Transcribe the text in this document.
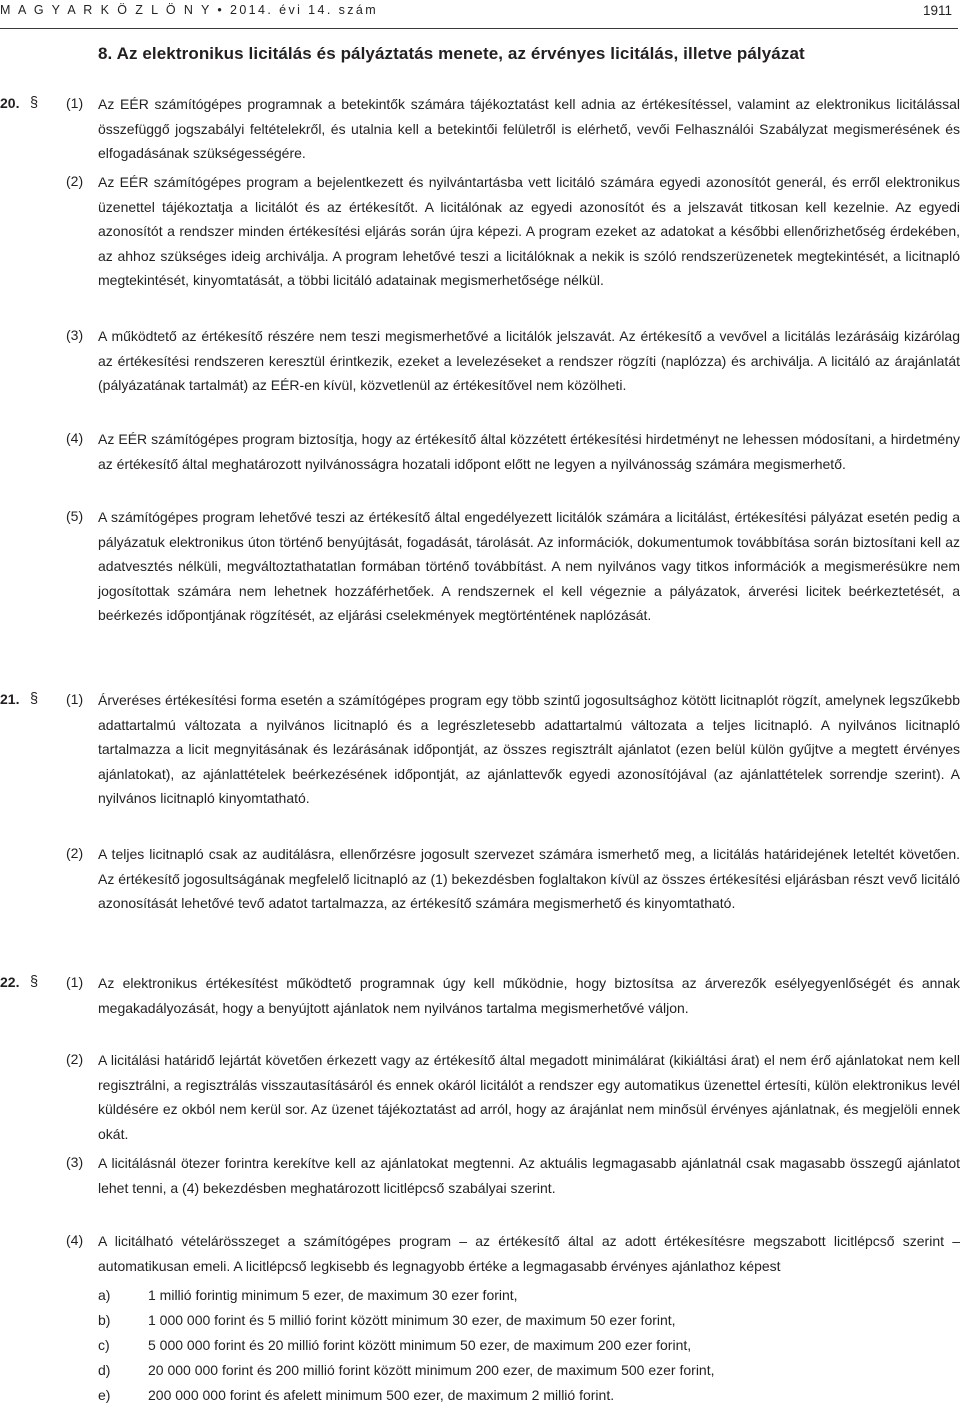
M A G Y A R K Ö Z L Ö N Y • 2014. évi 14. szám	1911
8. Az elektronikus licitálás és pályáztatás menete, az érvényes licitálás, illetve pályázat
20. § (1) Az EÉR számítógépes programnak a betekintők számára tájékoztatást kell adnia az értékesítéssel, valamint az elektronikus licitálással összefüggő jogszabályi feltételekről, és utalnia kell a betekintői felületről is elérhető, vevői Felhasználói Szabályzat megismerésének és elfogadásának szükségességére.
(2) Az EÉR számítógépes program a bejelentkezett és nyilvántartásba vett licitáló számára egyedi azonosítót generál, és erről elektronikus üzenettel tájékoztatja a licitálót és az értékesítőt. A licitálónak az egyedi azonosítót és a jelszavát titkosan kell kezelnie. Az egyedi azonosítót a rendszer minden értékesítési eljárás során újra képezi. A program ezeket az adatokat a későbbi ellenőrizhetőség érdekében, az ahhoz szükséges ideig archiválja. A program lehetővé teszi a licitálóknak a nekik is szóló rendszerüzenetek megtekintését, a licitnapló megtekintését, kinyomtatását, a többi licitáló adatainak megismerhetősége nélkül.
(3) A működtető az értékesítő részére nem teszi megismerhetővé a licitálók jelszavát. Az értékesítő a vevővel a licitálás lezárásáig kizárólag az értékesítési rendszeren keresztül érintkezik, ezeket a levelezéseket a rendszer rögzíti (naplózza) és archiválja. A licitáló az árajánlatát (pályázatának tartalmát) az EÉR-en kívül, közvetlenül az értékesítővel nem közölheti.
(4) Az EÉR számítógépes program biztosítja, hogy az értékesítő által közzétett értékesítési hirdetményt ne lehessen módosítani, a hirdetmény az értékesítő által meghatározott nyilvánosságra hozatali időpont előtt ne legyen a nyilvánosság számára megismerhető.
(5) A számítógépes program lehetővé teszi az értékesítő által engedélyezett licitálók számára a licitálást, értékesítési pályázat esetén pedig a pályázatuk elektronikus úton történő benyújtását, fogadását, tárolását. Az információk, dokumentumok továbbítása során biztosítani kell az adatvesztés nélküli, megváltoztathatatlan formában történő továbbítást. A nem nyilvános vagy titkos információk a megismerésükre nem jogosítottak számára nem lehetnek hozzáférhetőek. A rendszernek el kell végeznie a pályázatok, árverési licitek beérkeztetését, a beérkezés időpontjának rögzítését, az eljárási cselekmények megtörténtének naplózását.
21. § (1) Árveréses értékesítési forma esetén a számítógépes program egy több szintű jogosultsághoz kötött licitnaplót rögzít, amelynek legszűkebb adattartalmú változata a nyilvános licitnapló és a legrészletesebb adattartalmú változata a teljes licitnapló. A nyilvános licitnapló tartalmazza a licit megnyitásának és lezárásának időpontját, az összes regisztrált ajánlatot (ezen belül külön gyűjtve a megtett érvényes ajánlatokat), az ajánlattételek beérkezésének időpontját, az ajánlattevők egyedi azonosítójával (az ajánlattételek sorrendje szerint). A nyilvános licitnapló kinyomtatható.
(2) A teljes licitnapló csak az auditálásra, ellenőrzésre jogosult szervezet számára ismerhető meg, a licitálás határidejének leteltét követően. Az értékesítő jogosultságának megfelelő licitnapló az (1) bekezdésben foglaltakon kívül az összes értékesítési eljárásban részt vevő licitáló azonosítását lehetővé tevő adatot tartalmazza, az értékesítő számára megismerhető és kinyomtatható.
22. § (1) Az elektronikus értékesítést működtető programnak úgy kell működnie, hogy biztosítsa az árverezők esélyegyenlőségét és annak megakadályozását, hogy a benyújtott ajánlatok nem nyilvános tartalma megismerhetővé váljon.
(2) A licitálási határidő lejártát követően érkezett vagy az értékesítő által megadott minimálárat (kikiáltási árat) el nem érő ajánlatokat nem kell regisztrálni, a regisztrálás visszautasításáról és ennek okáról licitálót a rendszer egy automatikus üzenettel értesíti, külön elektronikus levél küldésére ez okból nem kerül sor. Az üzenet tájékoztatást ad arról, hogy az árajánlat nem minősül érvényes ajánlatnak, és megjelöli ennek okát.
(3) A licitálásnál ötezer forintra kerekítve kell az ajánlatokat megtenni. Az aktuális legmagasabb ajánlatnál csak magasabb összegű ajánlatot lehet tenni, a (4) bekezdésben meghatározott licitlépcső szabályai szerint.
(4) A licitálható vételárösszeget a számítógépes program – az értékesítő által az adott értékesítésre megszabott licitlépcső szerint – automatikusan emeli. A licitlépcső legkisebb és legnagyobb értéke a legmagasabb érvényes ajánlathoz képest
a)	1 millió forintig minimum 5 ezer, de maximum 30 ezer forint,
b)	1 000 000 forint és 5 millió forint között minimum 30 ezer, de maximum 50 ezer forint,
c)	5 000 000 forint és 20 millió forint között minimum 50 ezer, de maximum 200 ezer forint,
d)	20 000 000 forint és 200 millió forint között minimum 200 ezer, de maximum 500 ezer forint,
e)	200 000 000 forint és afelett minimum 500 ezer, de maximum 2 millió forint.
